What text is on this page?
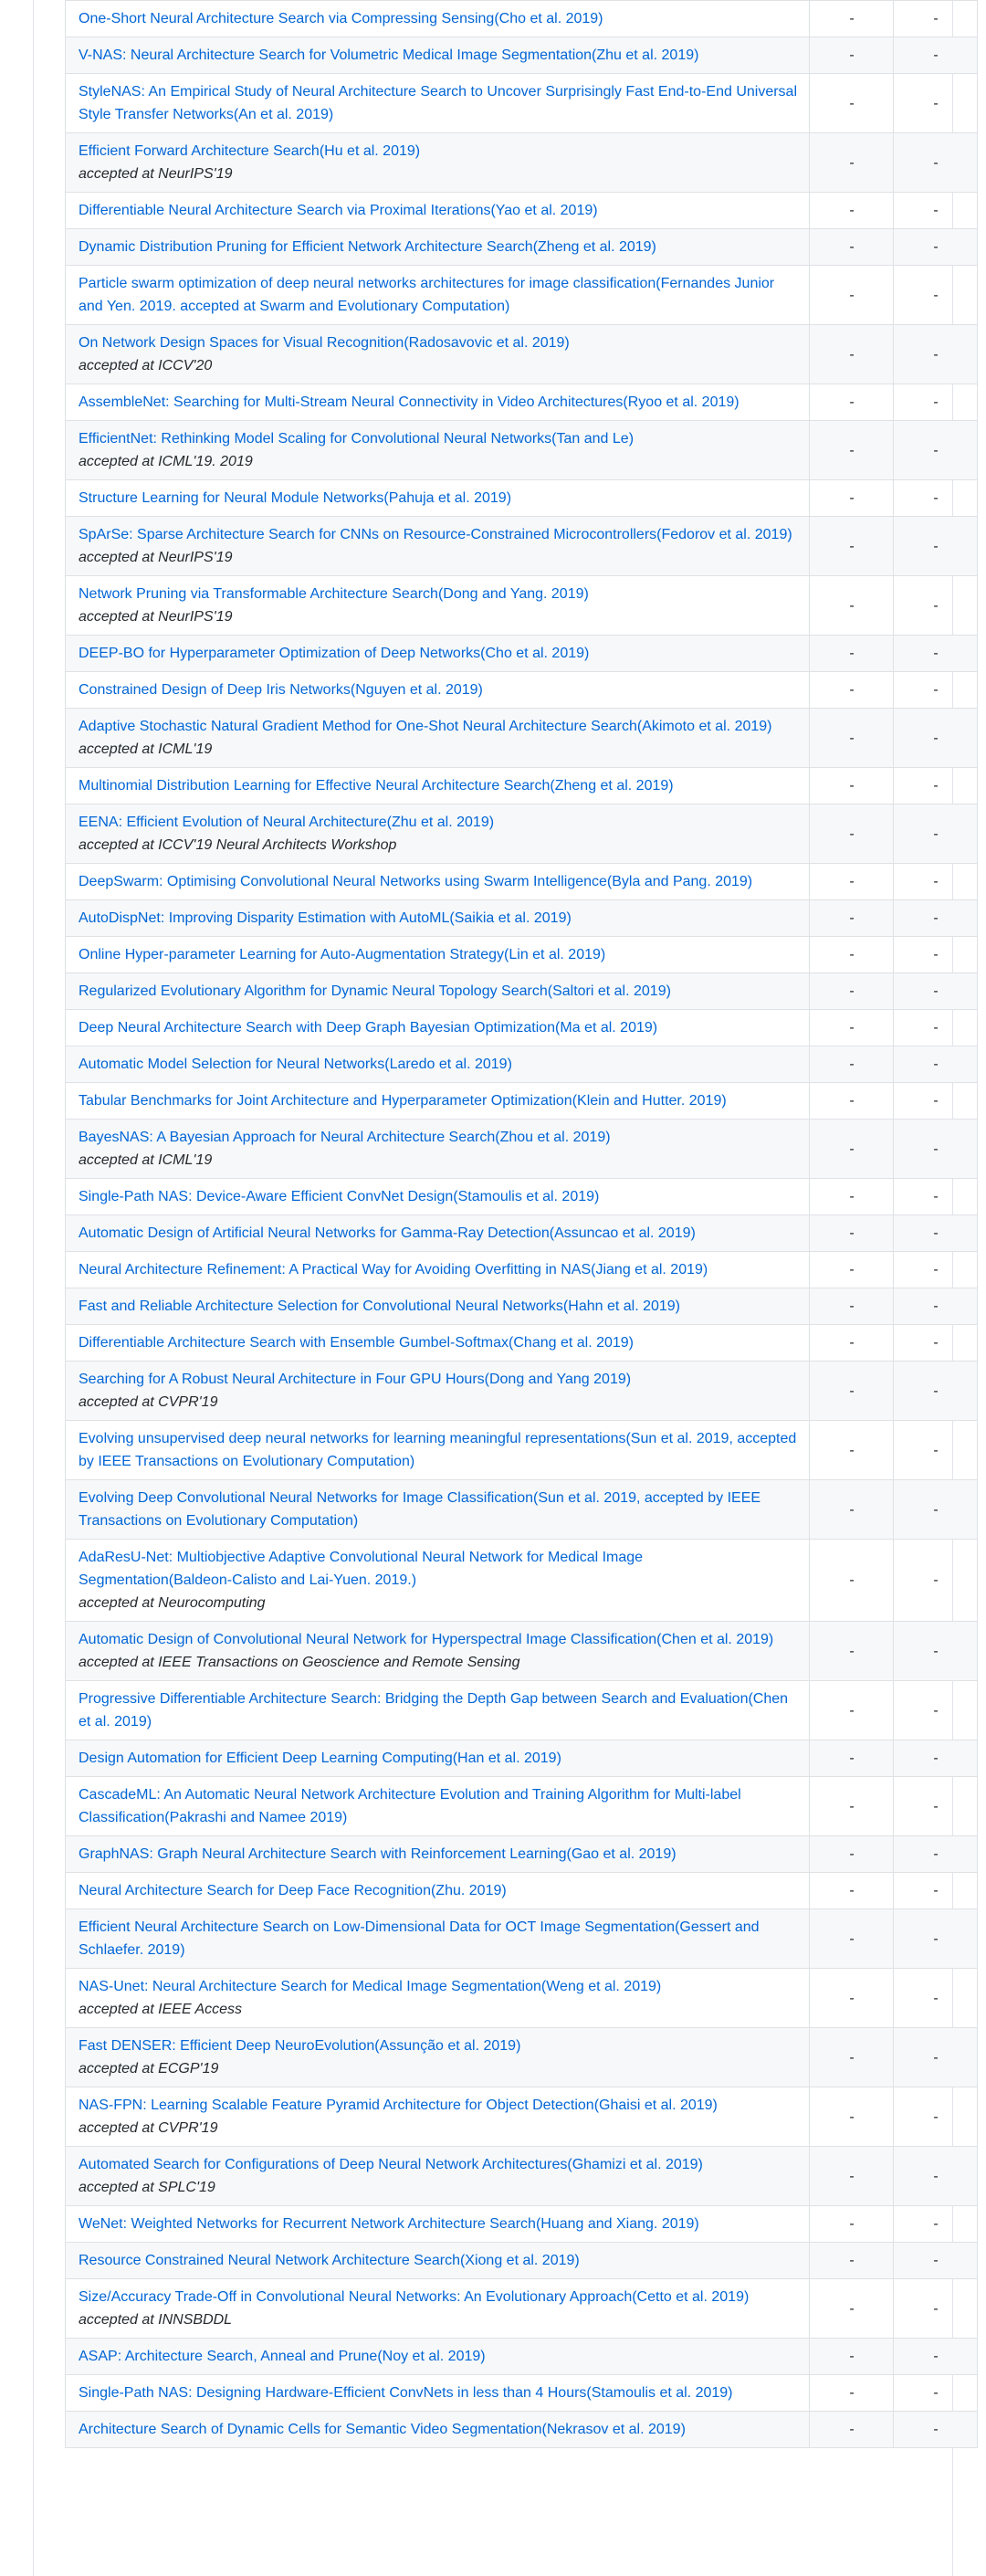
One-Short Neural Architecture Search via Compressing Sensing(Cho et al. 2019)	-	-
V-NAS: Neural Architecture Search for Volumetric Medical Image Segmentation(Zhu et al. 2019)	-	-
StyleNAS: An Empirical Study of Neural Architecture Search to Uncover Surprisingly Fast End-to-End Universal Style Transfer Networks(An et al. 2019)	-	-
Efficient Forward Architecture Search(Hu et al. 2019)
accepted at NeurIPS'19	-	-
Differentiable Neural Architecture Search via Proximal Iterations(Yao et al. 2019)	-	-
Dynamic Distribution Pruning for Efficient Network Architecture Search(Zheng et al. 2019)	-	-
Particle swarm optimization of deep neural networks architectures for image classification(Fernandes Junior and Yen. 2019. accepted at Swarm and Evolutionary Computation)	-	-
On Network Design Spaces for Visual Recognition(Radosavovic et al. 2019)
accepted at ICCV'20	-	-
AssembleNet: Searching for Multi-Stream Neural Connectivity in Video Architectures(Ryoo et al. 2019)	-	-
EfficientNet: Rethinking Model Scaling for Convolutional Neural Networks(Tan and Le)
accepted at ICML'19. 2019	-	-
Structure Learning for Neural Module Networks(Pahuja et al. 2019)	-	-
SpArSe: Sparse Architecture Search for CNNs on Resource-Constrained Microcontrollers(Fedorov et al. 2019)
accepted at NeurIPS'19	-	-
Network Pruning via Transformable Architecture Search(Dong and Yang. 2019)
accepted at NeurIPS'19	-	-
DEEP-BO for Hyperparameter Optimization of Deep Networks(Cho et al. 2019)	-	-
Constrained Design of Deep Iris Networks(Nguyen et al. 2019)	-	-
Adaptive Stochastic Natural Gradient Method for One-Shot Neural Architecture Search(Akimoto et al. 2019)
accepted at ICML'19	-	-
Multinomial Distribution Learning for Effective Neural Architecture Search(Zheng et al. 2019)	-	-
EENA: Efficient Evolution of Neural Architecture(Zhu et al. 2019)
accepted at ICCV'19 Neural Architects Workshop	-	-
DeepSwarm: Optimising Convolutional Neural Networks using Swarm Intelligence(Byla and Pang. 2019)	-	-
AutoDispNet: Improving Disparity Estimation with AutoML(Saikia et al. 2019)	-	-
Online Hyper-parameter Learning for Auto-Augmentation Strategy(Lin et al. 2019)	-	-
Regularized Evolutionary Algorithm for Dynamic Neural Topology Search(Saltori et al. 2019)	-	-
Deep Neural Architecture Search with Deep Graph Bayesian Optimization(Ma et al. 2019)	-	-
Automatic Model Selection for Neural Networks(Laredo et al. 2019)	-	-
Tabular Benchmarks for Joint Architecture and Hyperparameter Optimization(Klein and Hutter. 2019)	-	-
BayesNAS: A Bayesian Approach for Neural Architecture Search(Zhou et al. 2019)
accepted at ICML'19	-	-
Single-Path NAS: Device-Aware Efficient ConvNet Design(Stamoulis et al. 2019)	-	-
Automatic Design of Artificial Neural Networks for Gamma-Ray Detection(Assuncao et al. 2019)	-	-
Neural Architecture Refinement: A Practical Way for Avoiding Overfitting in NAS(Jiang et al. 2019)	-	-
Fast and Reliable Architecture Selection for Convolutional Neural Networks(Hahn et al. 2019)	-	-
Differentiable Architecture Search with Ensemble Gumbel-Softmax(Chang et al. 2019)	-	-
Searching for A Robust Neural Architecture in Four GPU Hours(Dong and Yang 2019)
accepted at CVPR'19	-	-
Evolving unsupervised deep neural networks for learning meaningful representations(Sun et al. 2019, accepted by IEEE Transactions on Evolutionary Computation)	-	-
Evolving Deep Convolutional Neural Networks for Image Classification(Sun et al. 2019, accepted by IEEE Transactions on Evolutionary Computation)	-	-
AdaResU-Net: Multiobjective Adaptive Convolutional Neural Network for Medical Image Segmentation(Baldeon-Calisto and Lai-Yuen. 2019.)
accepted at Neurocomputing	-	-
Automatic Design of Convolutional Neural Network for Hyperspectral Image Classification(Chen et al. 2019)
accepted at IEEE Transactions on Geoscience and Remote Sensing	-	-
Progressive Differentiable Architecture Search: Bridging the Depth Gap between Search and Evaluation(Chen et al. 2019)	-	-
Design Automation for Efficient Deep Learning Computing(Han et al. 2019)	-	-
CascadeML: An Automatic Neural Network Architecture Evolution and Training Algorithm for Multi-label Classification(Pakrashi and Namee 2019)	-	-
GraphNAS: Graph Neural Architecture Search with Reinforcement Learning(Gao et al. 2019)	-	-
Neural Architecture Search for Deep Face Recognition(Zhu. 2019)	-	-
Efficient Neural Architecture Search on Low-Dimensional Data for OCT Image Segmentation(Gessert and Schlaefer. 2019)	-	-
NAS-Unet: Neural Architecture Search for Medical Image Segmentation(Weng et al. 2019)
accepted at IEEE Access	-	-
Fast DENSER: Efficient Deep NeuroEvolution(Assunção et al. 2019)
accepted at ECGP'19	-	-
NAS-FPN: Learning Scalable Feature Pyramid Architecture for Object Detection(Ghaisi et al. 2019)
accepted at CVPR'19	-	-
Automated Search for Configurations of Deep Neural Network Architectures(Ghamizi et al. 2019)
accepted at SPLC'19	-	-
WeNet: Weighted Networks for Recurrent Network Architecture Search(Huang and Xiang. 2019)	-	-
Resource Constrained Neural Network Architecture Search(Xiong et al. 2019)	-	-
Size/Accuracy Trade-Off in Convolutional Neural Networks: An Evolutionary Approach(Cetto et al. 2019)
accepted at INNSBDDL	-	-
ASAP: Architecture Search, Anneal and Prune(Noy et al. 2019)	-	-
Single-Path NAS: Designing Hardware-Efficient ConvNets in less than 4 Hours(Stamoulis et al. 2019)	-	-
Architecture Search of Dynamic Cells for Semantic Video Segmentation(Nekrasov et al. 2019)	-	-
